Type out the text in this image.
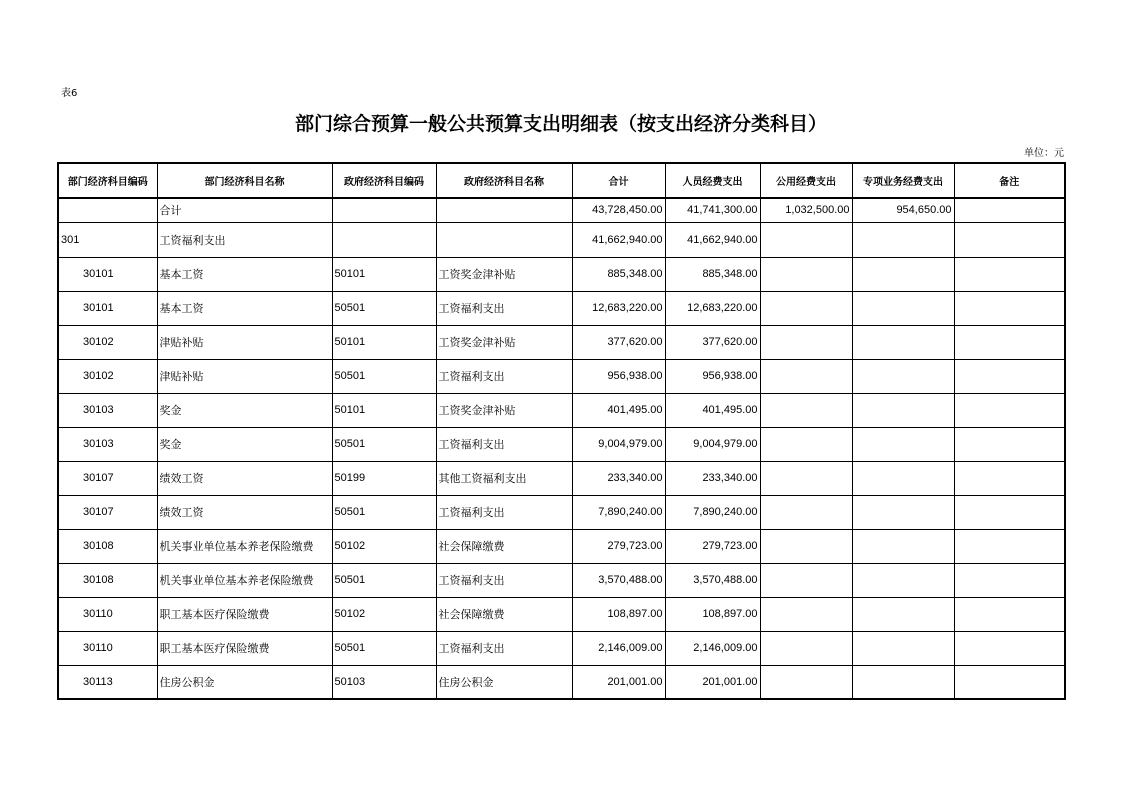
表6
部门综合预算一般公共预算支出明细表（按支出经济分类科目）
单位：元
部门经济科目编码	部门经济科目名称	政府经济科目编码	政府经济科目名称	合计	人员经费支出	公用经费支出	专项业务经费支出	备注
	合计			43,728,450.00	41,741,300.00	1,032,500.00	954,650.00	
301	工资福利支出			41,662,940.00	41,662,940.00			
30101	基本工资	50101	工资奖金津补贴	885,348.00	885,348.00			
30101	基本工资	50501	工资福利支出	12,683,220.00	12,683,220.00			
30102	津贴补贴	50101	工资奖金津补贴	377,620.00	377,620.00			
30102	津贴补贴	50501	工资福利支出	956,938.00	956,938.00			
30103	奖金	50101	工资奖金津补贴	401,495.00	401,495.00			
30103	奖金	50501	工资福利支出	9,004,979.00	9,004,979.00			
30107	绩效工资	50199	其他工资福利支出	233,340.00	233,340.00			
30107	绩效工资	50501	工资福利支出	7,890,240.00	7,890,240.00			
30108	机关事业单位基本养老保险缴费	50102	社会保障缴费	279,723.00	279,723.00			
30108	机关事业单位基本养老保险缴费	50501	工资福利支出	3,570,488.00	3,570,488.00			
30110	职工基本医疗保险缴费	50102	社会保障缴费	108,897.00	108,897.00			
30110	职工基本医疗保险缴费	50501	工资福利支出	2,146,009.00	2,146,009.00			
30113	住房公积金	50103	住房公积金	201,001.00	201,001.00			
